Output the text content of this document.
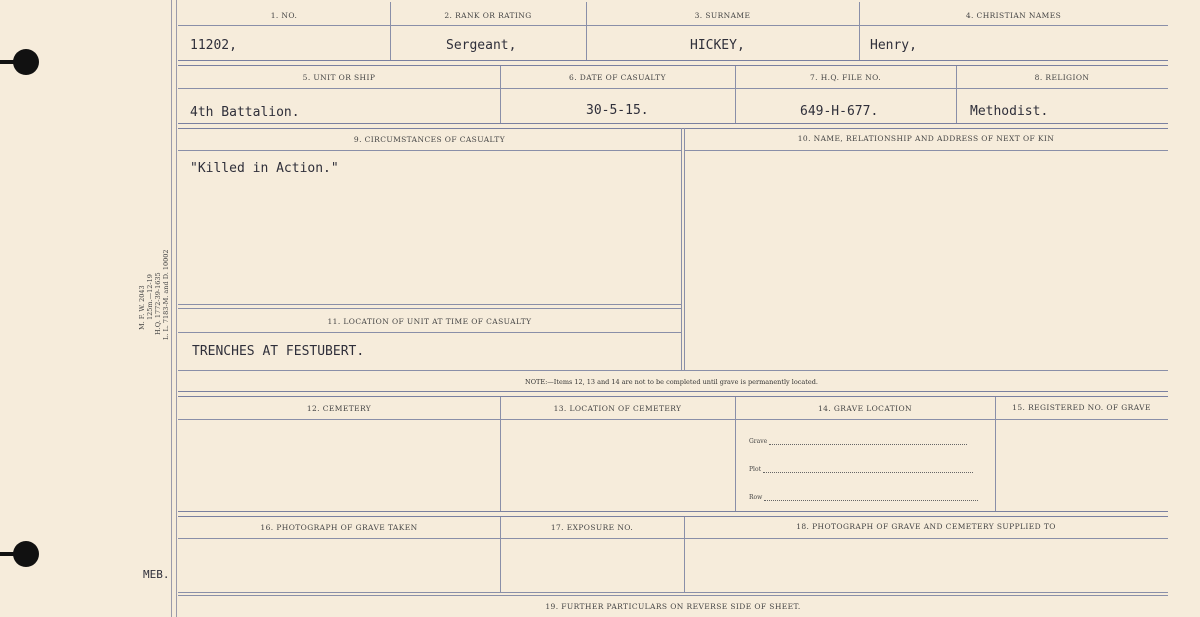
M. F. W. 2043 125m.—12-19 H.Q. 1772-39-1635 L. L. 7183-M. and D. 10002
MEB.
1. NO.	2. RANK OR RATING	3. SURNAME	4. CHRISTIAN NAMES
11202,	Sergeant,	HICKEY,	Henry,
5. UNIT OR SHIP	6. DATE OF CASUALTY	7. H.Q. FILE NO.	8. RELIGION
4th Battalion.	30-5-15.	649-H-677.	Methodist.
9. CIRCUMSTANCES OF CASUALTY	10. NAME, RELATIONSHIP AND ADDRESS OF NEXT OF KIN
"Killed in Action."
11. LOCATION OF UNIT AT TIME OF CASUALTY
TRENCHES AT FESTUBERT.
NOTE:—Items 12, 13 and 14 are not to be completed until grave is permanently located.
12. CEMETERY	13. LOCATION OF CEMETERY	14. GRAVE LOCATION	15. REGISTERED NO. OF GRAVE
Grave
Plot
Row
16. PHOTOGRAPH OF GRAVE TAKEN	17. EXPOSURE NO.	18. PHOTOGRAPH OF GRAVE AND CEMETERY SUPPLIED TO
19. FURTHER PARTICULARS ON REVERSE SIDE OF SHEET.
